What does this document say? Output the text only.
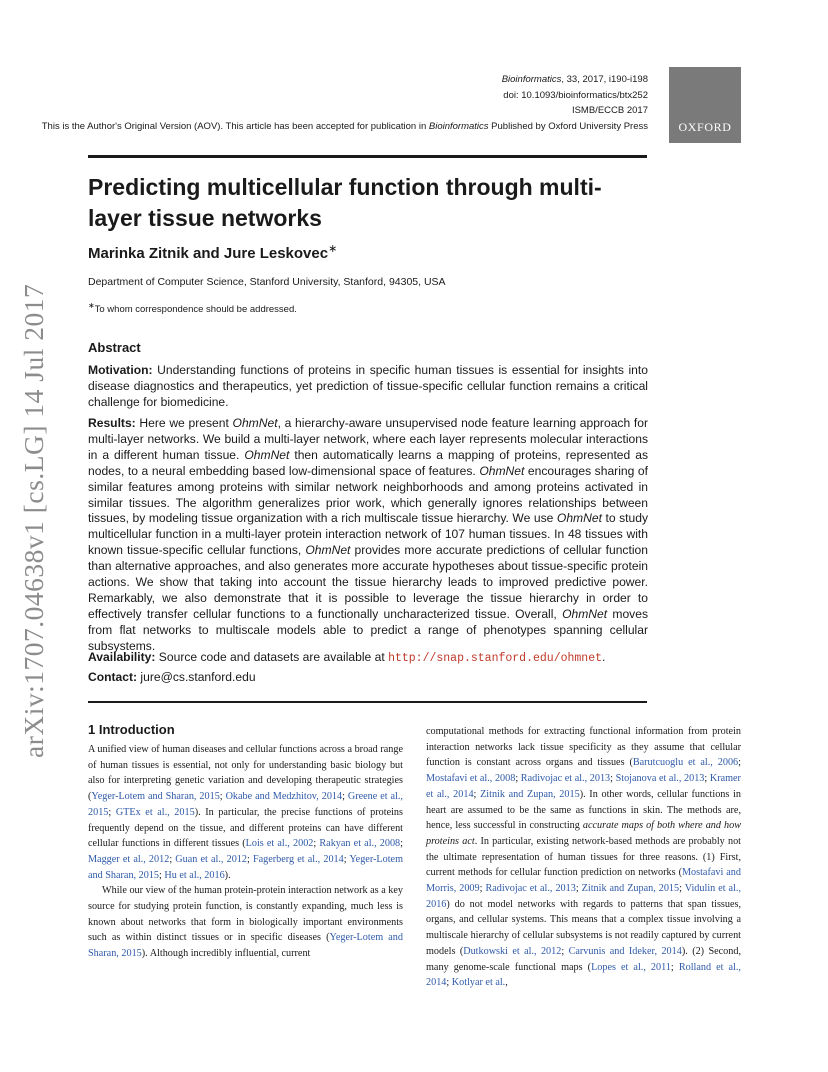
arXiv:1707.04638v1 [cs.LG] 14 Jul 2017
Bioinformatics, 33, 2017, i190-i198
doi: 10.1093/bioinformatics/btx252
ISMB/ECCB 2017
This is the Author's Original Version (AOV). This article has been accepted for publication in Bioinformatics Published by Oxford University Press	OXFORD
Predicting multicellular function through multi-layer tissue networks
Marinka Zitnik and Jure Leskovec∗
Department of Computer Science, Stanford University, Stanford, 94305, USA
∗To whom correspondence should be addressed.
Abstract

Motivation: Understanding functions of proteins in specific human tissues is essential for insights into disease diagnostics and therapeutics, yet prediction of tissue-specific cellular function remains a critical challenge for biomedicine.

Results: Here we present OhmNet, a hierarchy-aware unsupervised node feature learning approach for multi-layer networks. We build a multi-layer network, where each layer represents molecular interactions in a different human tissue. OhmNet then automatically learns a mapping of proteins, represented as nodes, to a neural embedding based low-dimensional space of features. OhmNet encourages sharing of similar features among proteins with similar network neighborhoods and among proteins activated in similar tissues. The algorithm generalizes prior work, which generally ignores relationships between tissues, by modeling tissue organization with a rich multiscale tissue hierarchy. We use OhmNet to study multicellular function in a multi-layer protein interaction network of 107 human tissues. In 48 tissues with known tissue-specific cellular functions, OhmNet provides more accurate predictions of cellular function than alternative approaches, and also generates more accurate hypotheses about tissue-specific protein actions. We show that taking into account the tissue hierarchy leads to improved predictive power. Remarkably, we also demonstrate that it is possible to leverage the tissue hierarchy in order to effectively transfer cellular functions to a functionally uncharacterized tissue. Overall, OhmNet moves from flat networks to multiscale models able to predict a range of phenotypes spanning cellular subsystems.

Availability: Source code and datasets are available at http://snap.stanford.edu/ohmnet.

Contact: jure@cs.stanford.edu

1 Introduction

A unified view of human diseases and cellular functions across a broad range of human tissues is essential, not only for understanding basic biology but also for interpreting genetic variation and developing therapeutic strategies (Yeger-Lotem and Sharan, 2015; Okabe and Medzhitov, 2014; Greene et al., 2015; GTEx et al., 2015). In particular, the precise functions of proteins frequently depend on the tissue, and different proteins can have different cellular functions in different tissues (Lois et al., 2002; Rakyan et al., 2008; Magger et al., 2012; Guan et al., 2012; Fagerberg et al., 2014; Yeger-Lotem and Sharan, 2015; Hu et al., 2016).

While our view of the human protein-protein interaction network as a key source for studying protein function, is constantly expanding, much less is known about networks that form in biologically important environments such as within distinct tissues or in specific diseases (Yeger-Lotem and Sharan, 2015). Although incredibly influential, current

computational methods for extracting functional information from protein interaction networks lack tissue specificity as they assume that cellular function is constant across organs and tissues (Barutcuoglu et al., 2006; Mostafavi et al., 2008; Radivojac et al., 2013; Stojanova et al., 2013; Kramer et al., 2014; Zitnik and Zupan, 2015). In other words, cellular functions in heart are assumed to be the same as functions in skin. The methods are, hence, less successful in constructing accurate maps of both where and how proteins act. In particular, existing network-based methods are probably not the ultimate representation of human tissues for three reasons. (1) First, current methods for cellular function prediction on networks (Mostafavi and Morris, 2009; Radivojac et al., 2013; Zitnik and Zupan, 2015; Vidulin et al., 2016) do not model networks with regards to patterns that span tissues, organs, and cellular systems. This means that a complex tissue involving a multiscale hierarchy of cellular subsystems is not readily captured by current models (Dutkowski et al., 2012; Carvunis and Ideker, 2014). (2) Second, many genome-scale functional maps (Lopes et al., 2011; Rolland et al., 2014; Kotlyar et al.,
